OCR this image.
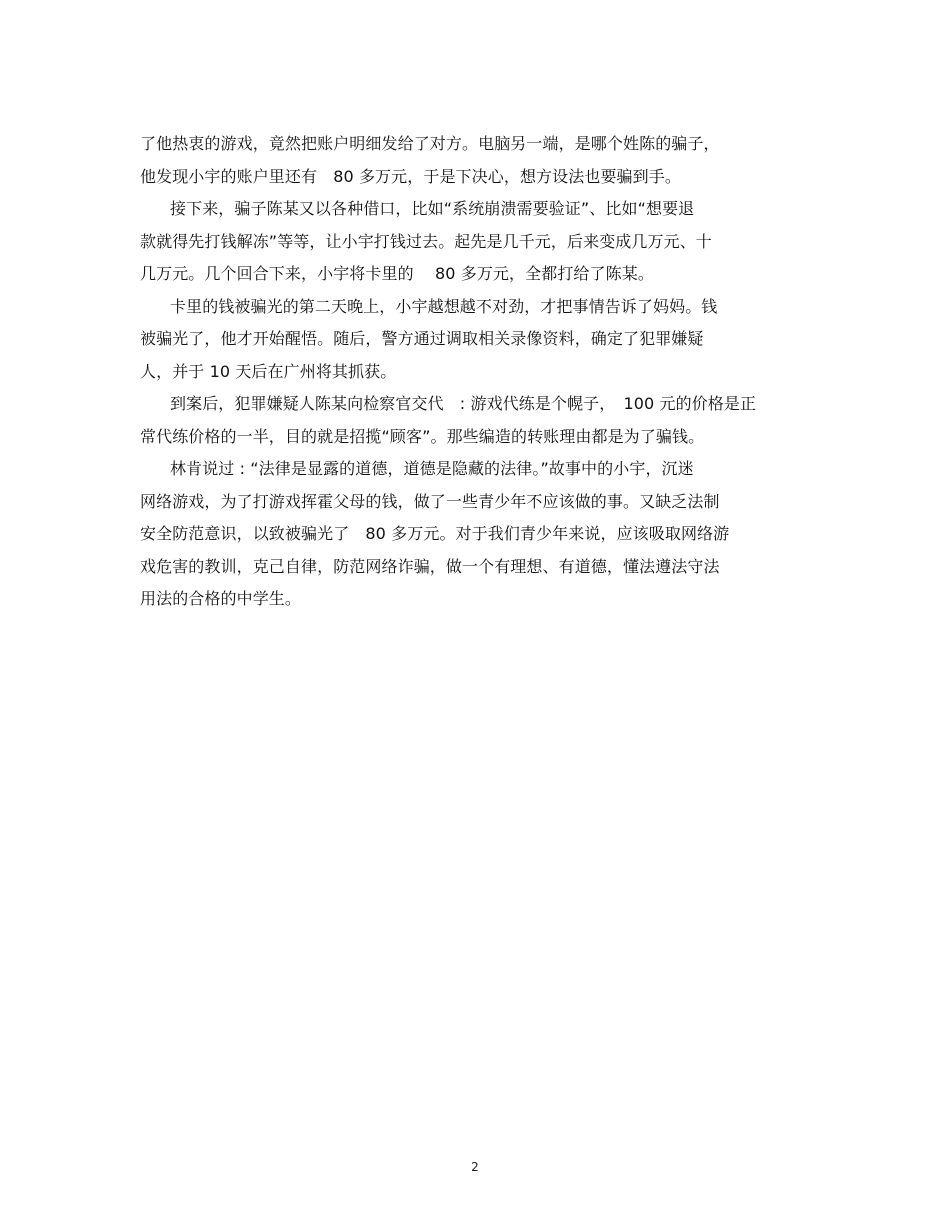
了他热衷的游戏，竟然把账户明细发给了对方。电脑另一端，是哪个姓陈的骗子，
他发现小宇的账户里还有　80 多万元，于是下决心，想方设法也要骗到手。
接下来，骗子陈某又以各种借口，比如“系统崩溃需要验证”、比如“想要退
款就得先打钱解冻”等等，让小宇打钱过去。起先是几千元，后来变成几万元、十
几万元。几个回合下来，小宇将卡里的　 80 多万元，全都打给了陈某。
卡里的钱被骗光的第二天晚上，小宇越想越不对劲，才把事情告诉了妈妈。钱
被骗光了，他才开始醒悟。随后，警方通过调取相关录像资料，确定了犯罪嫌疑
人，并于 10 天后在广州将其抓获。
到案后，犯罪嫌疑人陈某向检察官交代　: 游戏代练是个幌子，　100 元的价格是正
常代练价格的一半，目的就是招揽“顾客”。那些编造的转账理由都是为了骗钱。
林肯说过 : “法律是显露的道德，道德是隐藏的法律。”故事中的小宇，沉迷
网络游戏，为了打游戏挥霍父母的钱，做了一些青少年不应该做的事。又缺乏法制
安全防范意识，以致被骗光了　80 多万元。对于我们青少年来说，应该吸取网络游
戏危害的教训，克己自律，防范网络诈骗，做一个有理想、有道德，懂法遵法守法
用法的合格的中学生。
2
